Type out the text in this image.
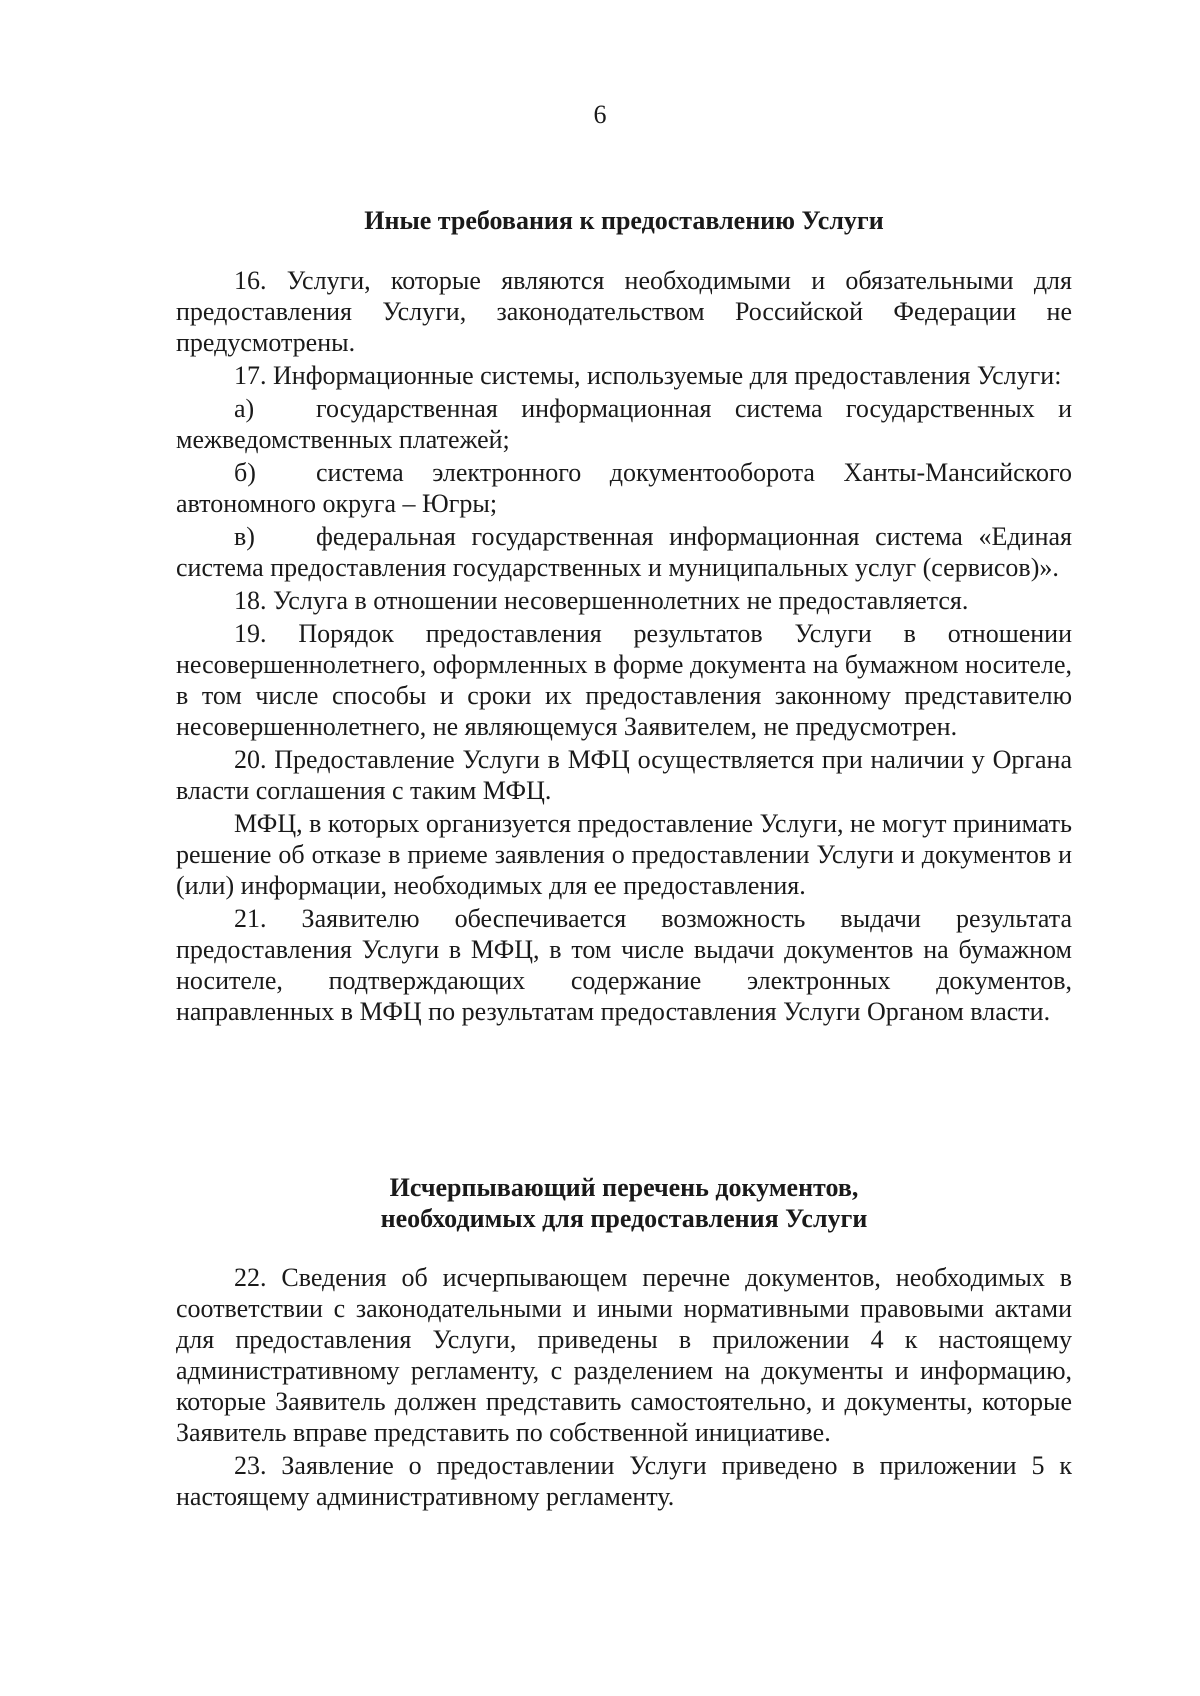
6
Иные требования к предоставлению Услуги

16. Услуги, которые являются необходимыми и обязательными для предоставления Услуги, законодательством Российской Федерации не предусмотрены.

17. Информационные системы, используемые для предоставления Услуги:

а) государственная информационная система государственных и межведомственных платежей;

б) система электронного документооборота Ханты-Мансийского автономного округа – Югры;

в) федеральная государственная информационная система «Единая система предоставления государственных и муниципальных услуг (сервисов)».

18. Услуга в отношении несовершеннолетних не предоставляется.

19. Порядок предоставления результатов Услуги в отношении несовершеннолетнего, оформленных в форме документа на бумажном носителе, в том числе способы и сроки их предоставления законному представителю несовершеннолетнего, не являющемуся Заявителем, не предусмотрен.

20. Предоставление Услуги в МФЦ осуществляется при наличии у Органа власти соглашения с таким МФЦ.

МФЦ, в которых организуется предоставление Услуги, не могут принимать решение об отказе в приеме заявления о предоставлении Услуги и документов и (или) информации, необходимых для ее предоставления.

21. Заявителю обеспечивается возможность выдачи результата предоставления Услуги в МФЦ, в том числе выдачи документов на бумажном носителе, подтверждающих содержание электронных документов, направленных в МФЦ по результатам предоставления Услуги Органом власти.

Исчерпывающий перечень документов,
необходимых для предоставления Услуги

22. Сведения об исчерпывающем перечне документов, необходимых в соответствии с законодательными и иными нормативными правовыми актами для предоставления Услуги, приведены в приложении 4 к настоящему административному регламенту, с разделением на документы и информацию, которые Заявитель должен представить самостоятельно, и документы, которые Заявитель вправе представить по собственной инициативе.

23. Заявление о предоставлении Услуги приведено в приложении 5 к настоящему административному регламенту.
